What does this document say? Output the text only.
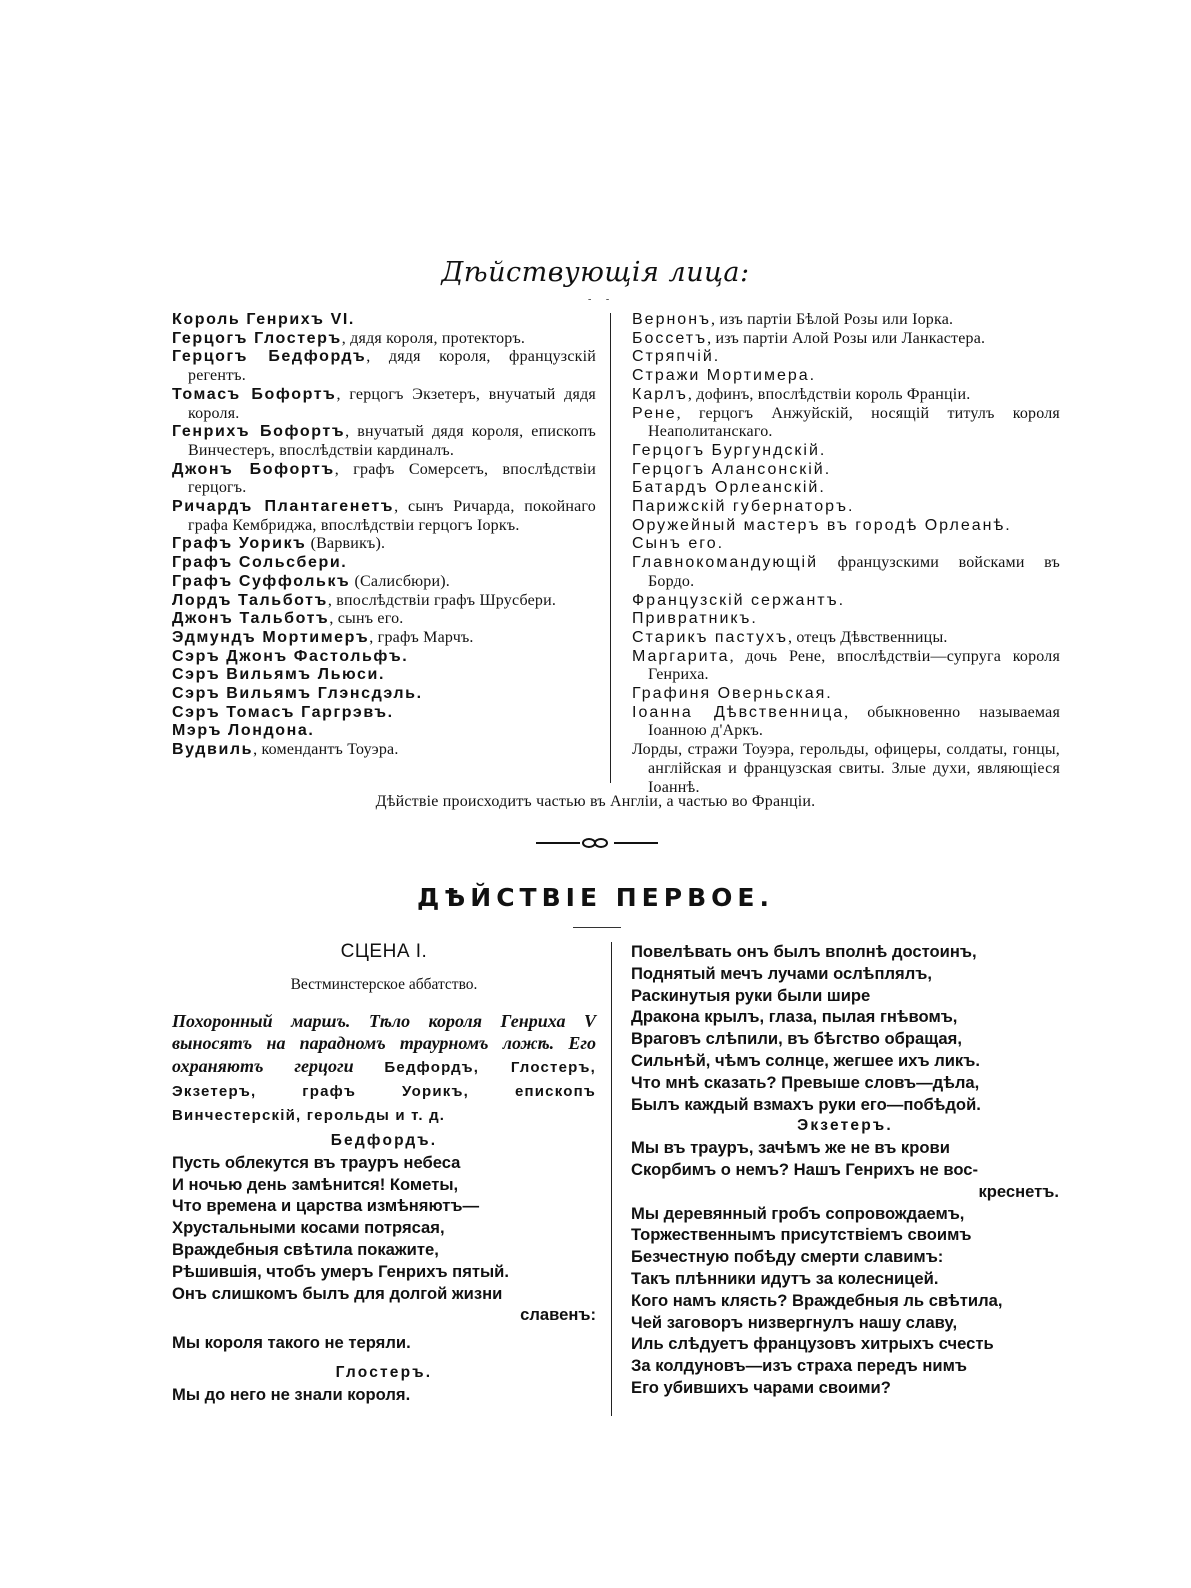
Дѣйствующія лица:
- -
Король Генрихъ VI.
Герцогъ Глостеръ, дядя короля, протекторъ.
Герцогъ Бедфордъ, дядя короля, французскій регентъ.
Томасъ Бофортъ, герцогъ Экзетеръ, внучатый дядя короля.
Генрихъ Бофортъ, внучатый дядя короля, епископъ Винчестеръ, впослѣдствіи кардиналъ.
Джонъ Бофортъ, графъ Сомерсетъ, впослѣдствіи герцогъ.
Ричардъ Плантагенетъ, сынъ Ричарда, покойнаго графа Кембриджа, впослѣдствіи герцогъ Іоркъ.
Графъ Уорикъ (Варвикъ).
Графъ Сольсбери.
Графъ Суффолькъ (Салисбюри).
Лордъ Тальботъ, впослѣдствіи графъ Шрусбери.
Джонъ Тальботъ, сынъ его.
Эдмундъ Мортимеръ, графъ Марчъ.
Сэръ Джонъ Фастольфъ.
Сэръ Вильямъ Льюси.
Сэръ Вильямъ Глэнсдэль.
Сэръ Томасъ Гаргрэвъ.
Мэръ Лондона.
Вудвиль, комендантъ Тоуэра.
Вернонъ, изъ партіи Бѣлой Розы или Іорка.
Боссетъ, изъ партіи Алой Розы или Ланкастера.
Стряпчій.
Стражи Мортимера.
Карлъ, дофинъ, впослѣдствіи король Франціи.
Рене, герцогъ Анжуйскій, носящій титулъ короля Неаполитанскаго.
Герцогъ Бургундскій.
Герцогъ Алансонскій.
Батардъ Орлеанскій.
Парижскій губернаторъ.
Оружейный мастеръ въ городѣ Орлеанѣ.
Сынъ его.
Главнокомандующій французскими войсками въ Бордо.
Французскій сержантъ.
Привратникъ.
Старикъ пастухъ, отецъ Дѣвственницы.
Маргарита, дочь Рене, впослѣдствіи—супруга короля Генриха.
Графиня Оверньская.
Іоанна Дѣвственница, обыкновенно называемая Іоанною д'Аркъ.
Лорды, стражи Тоуэра, герольды, офицеры, солдаты, гонцы, англійская и французская свиты. Злые духи, являющіеся Іоаннѣ.
Дѣйствіе происходитъ частью въ Англіи, а частью во Франціи.
ДѢЙСТВІЕ ПЕРВОЕ.
СЦЕНА I.
Вестминстерское аббатство.
Похоронный маршъ. Тѣло короля Генриха V выносятъ на парадномъ траурномъ ложѣ. Его охраняютъ герцоги Бедфордъ, Глостеръ, Экзетеръ, графъ Уорикъ, епископъ Винчестерскій, герольды и т. д.
Бедфордъ.
Пусть облекутся въ трауръ небеса
И ночью день замѣнится! Кометы,
Что времена и царства измѣняютъ—
Хрустальными косами потрясая,
Враждебныя свѣтила покажите,
Рѣшившія, чтобъ умеръ Генрихъ пятый.
Онъ слишкомъ былъ для долгой жизни
славенъ:
Мы короля такого не теряли.
Глостеръ.
Мы до него не знали короля.
Повелѣвать онъ былъ вполнѣ достоинъ,
Поднятый мечъ лучами ослѣплялъ,
Раскинутыя руки были шире
Дракона крылъ, глаза, пылая гнѣвомъ,
Враговъ слѣпили, въ бѣгство обращая,
Сильнѣй, чѣмъ солнце, жегшее ихъ ликъ.
Что мнѣ сказать? Превыше словъ—дѣла,
Былъ каждый взмахъ руки его—побѣдой.
Экзетеръ.
Мы въ трауръ, зачѣмъ же не въ крови
Скорбимъ о немъ? Нашъ Генрихъ не вос-
креснетъ.
Мы деревянный гробъ сопровождаемъ,
Торжественнымъ присутствіемъ своимъ
Безчестную побѣду смерти славимъ:
Такъ плѣнники идутъ за колесницей.
Кого намъ клясть? Враждебныя ль свѣтила,
Чей заговоръ низвергнулъ нашу славу,
Иль слѣдуетъ французовъ хитрыхъ счесть
За колдуновъ—изъ страха передъ нимъ
Его убившихъ чарами своими?
